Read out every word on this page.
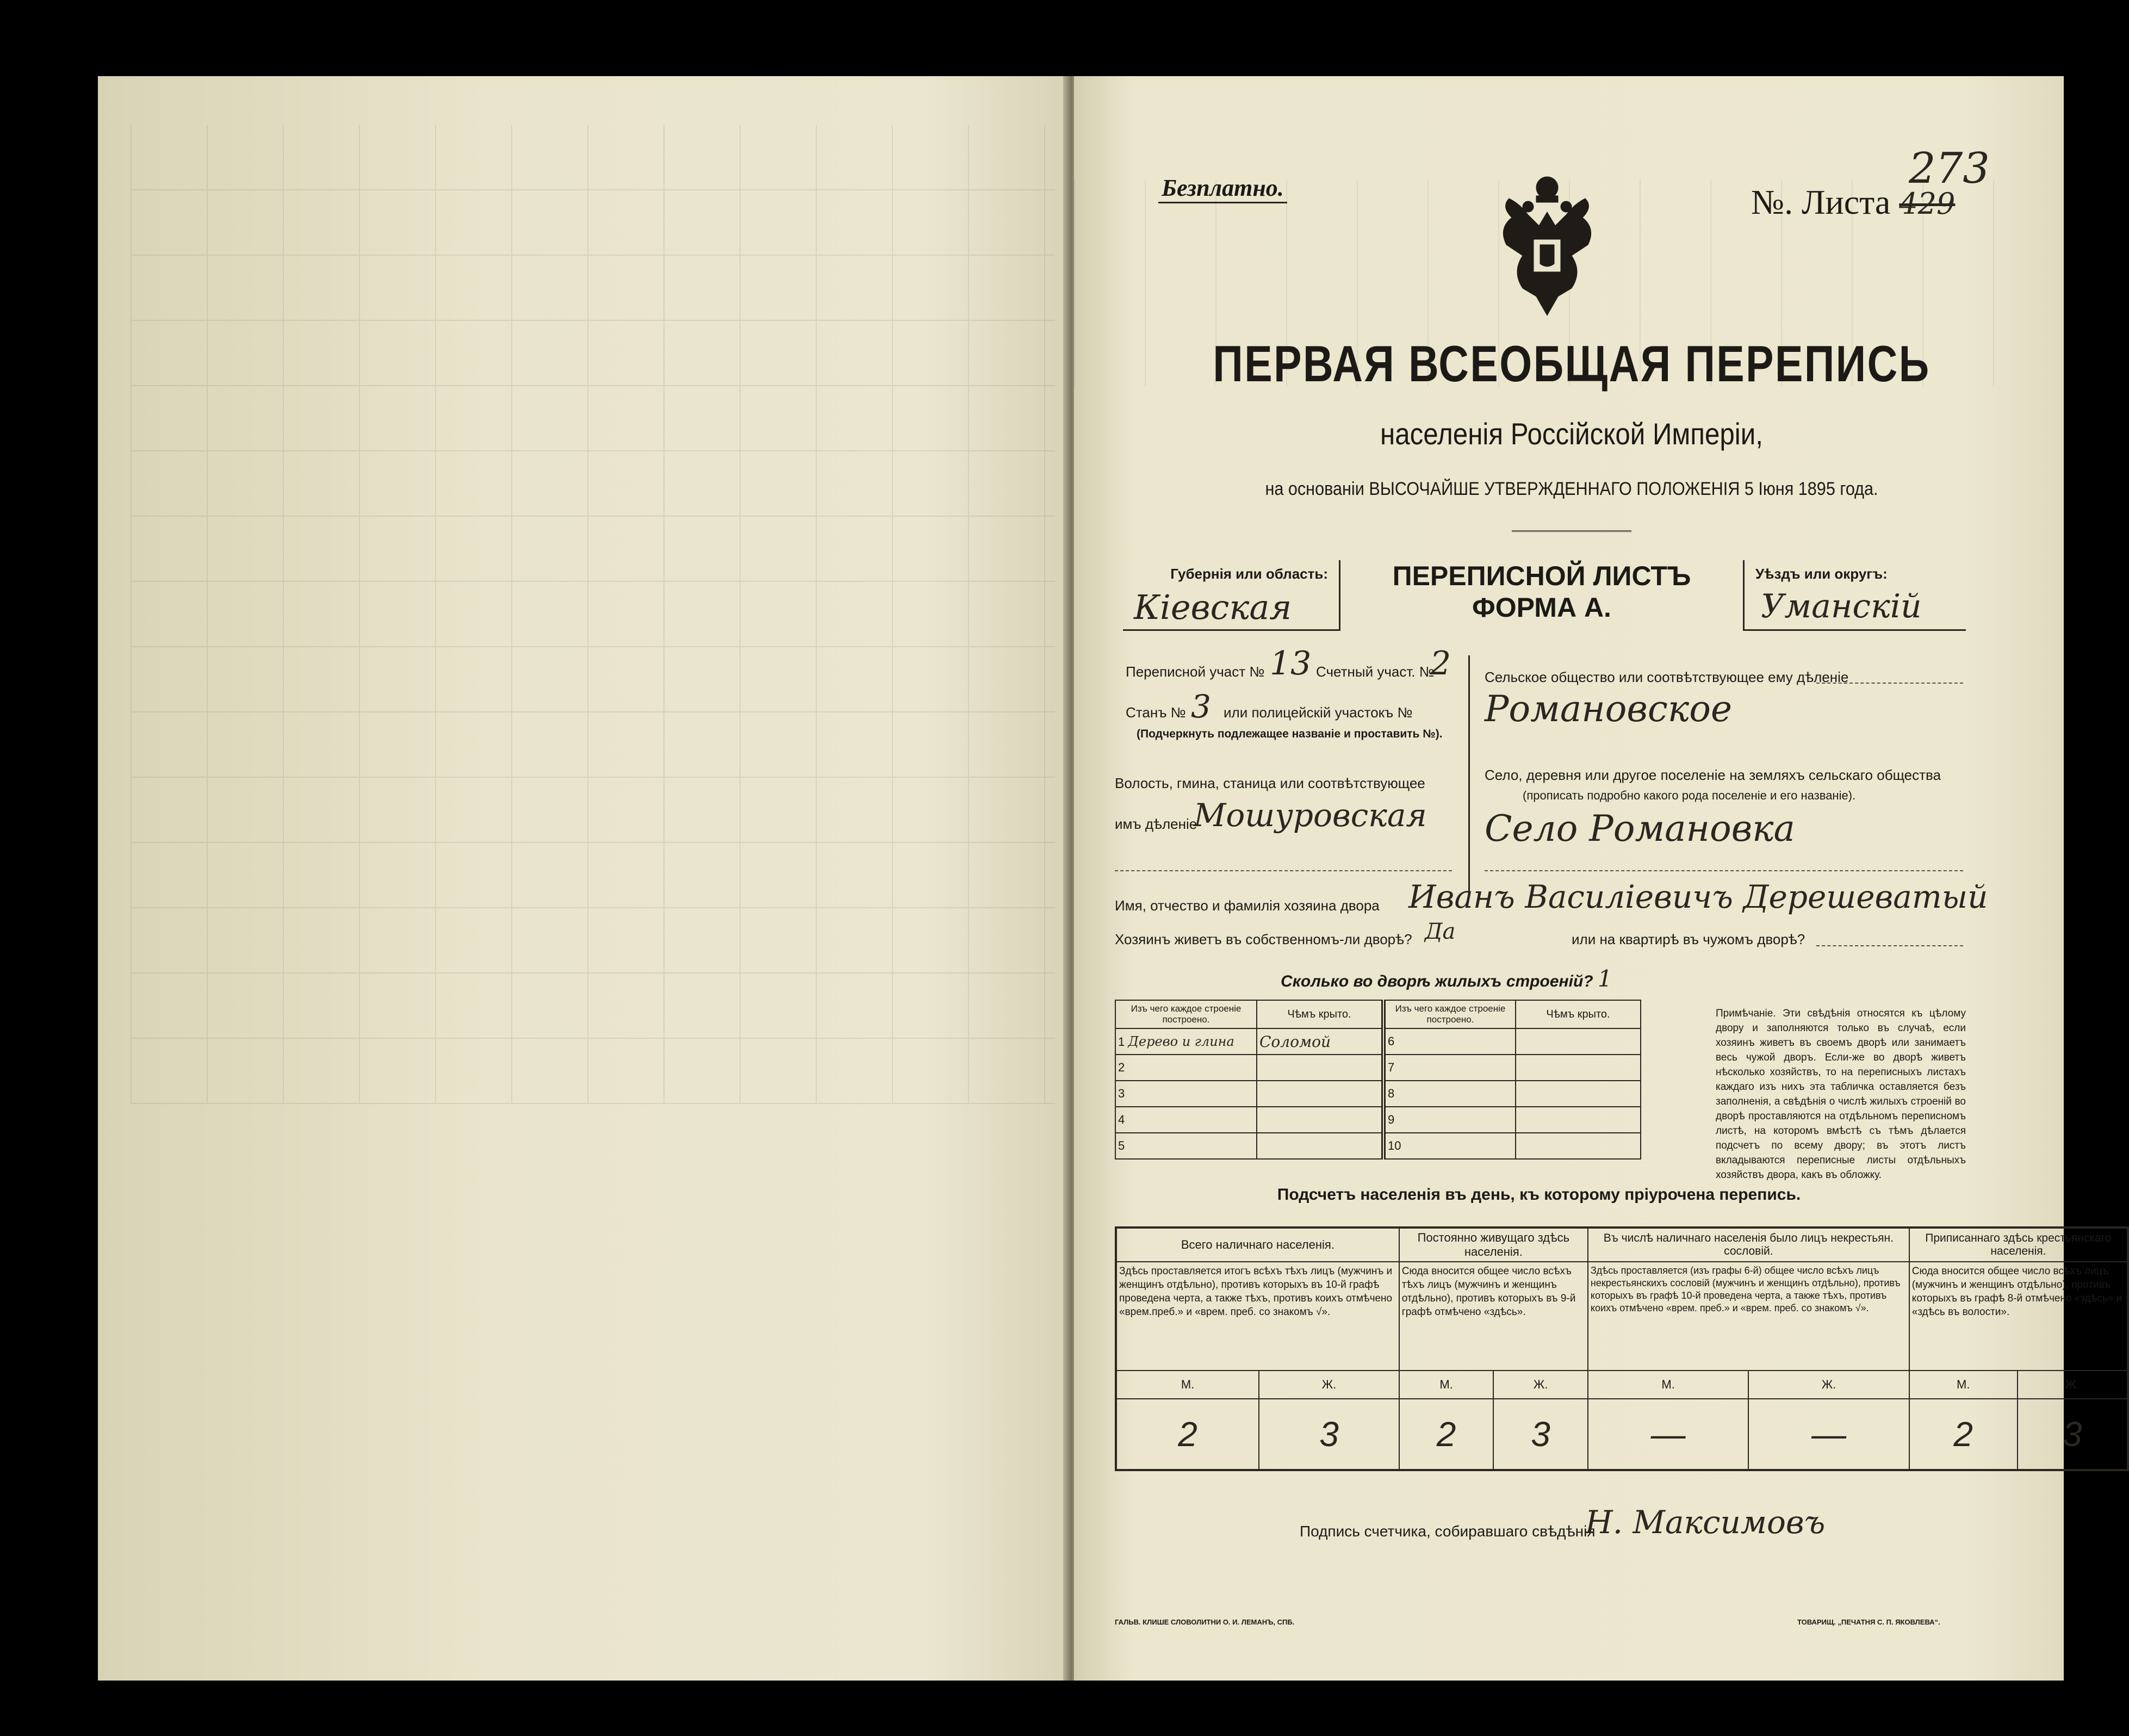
Безплатно.	№. Листа 429
273
ПЕРВАЯ ВСЕОБЩАЯ ПЕРЕПИСЬ
населенія Россійской Имперіи,
на основаніи ВЫСОЧАЙШЕ УТВЕРЖДЕННАГО ПОЛОЖЕНІЯ 5 Іюня 1895 года.
Губернія или область:
Кіевская
ПЕРЕПИСНОЙ ЛИСТЪ
ФОРМА А.
Уѣздъ или округъ:
Уманскій
Переписной участ № 13 Счетный участ. №
2
Станъ № 3 или полицейскій участокъ №
(Подчеркнуть подлежащее названіе и проставить №).
Волость, гмина, станица или соотвѣтствующее
имъ дѣленіе
Мошуровская
Сельское общество или соотвѣтствующее ему дѣленіе
Романовское
Село, деревня или другое поселеніе на земляхъ сельскаго общества
(прописать подробно какого рода поселеніе и его названіе).
Село Романовка
Имя, отчество и фамилія хозяина двора Иванъ Василіевичъ Дерешеватый
Хозяинъ живетъ въ собственномъ-ли дворѣ? Да	или на квартирѣ въ чужомъ дворѣ?
Сколько во дворѣ жилыхъ строеній? 1
Изъ чего каждое строеніе построено.	Чѣмъ крыто.	Изъ чего каждое строеніе построено.	Чѣмъ крыто.
1 Дерево и глина	Соломой	6	
2		7	
3		8	
4		9	
5		10	
Примѣчаніе. Эти свѣдѣнія относятся къ цѣлому двору и заполняются только въ случаѣ, если хозяинъ живетъ въ своемъ дворѣ или занимаетъ весь чужой дворъ. Если-же во дворѣ живетъ нѣсколько хозяйствъ, то на переписныхъ листахъ каждаго изъ нихъ эта табличка оставляется безъ заполненія, а свѣдѣнія о числѣ жилыхъ строеній во дворѣ проставляются на отдѣльномъ переписномъ листѣ, на которомъ вмѣстѣ съ тѣмъ дѣлается подсчетъ по всему двору; въ этотъ листъ вкладываются переписные листы отдѣльныхъ хозяйствъ двора, какъ въ обложку.
Подсчетъ населенія въ день, къ которому пріурочена перепись.
Всего наличнаго населенія.		Постоянно живущаго здѣсь населенія.		Въ числѣ наличнаго населенія было лицъ некрестьян. сословій.		Приписаннаго здѣсь крестьянскаго населенія.	
Здѣсь проставляется итогъ всѣхъ тѣхъ лицъ (мужчинъ и женщинъ отдѣльно), противъ которыхъ въ 10-й графѣ проведена черта, а также тѣхъ, противъ коихъ отмѣчено «врем.преб.» и «врем. преб. со знакомъ √».		Сюда вносится общее число всѣхъ тѣхъ лицъ (мужчинъ и женщинъ отдѣльно), противъ которыхъ въ 9-й графѣ отмѣчено «здѣсь».		Здѣсь проставляется (изъ графы 6-й) общее число всѣхъ лицъ некрестьянскихъ сословій (мужчинъ и женщинъ отдѣльно), противъ которыхъ въ графѣ 10-й проведена черта, а также тѣхъ, противъ коихъ отмѣчено «врем. преб.» и «врем. преб. со знакомъ √».		Сюда вносится общее число всѣхъ лицъ (мужчинъ и женщинъ отдѣльно), противъ которыхъ въ графѣ 8-й отмѣчено «здѣсь» и «здѣсь въ волости».	
М.	Ж.	М.	Ж.	М.	Ж.	М.	Ж.
2	3	2	3	—	—	2	3
Подпись счетчика, собиравшаго свѣдѣнія
Н. Максимовъ
ГАЛЬВ. КЛИШЕ СЛОВОЛИТНИ О. И. ЛЕМАНЪ, СПБ.	ТОВАРИЩ. „ПЕЧАТНЯ С. П. ЯКОВЛЕВА“.
